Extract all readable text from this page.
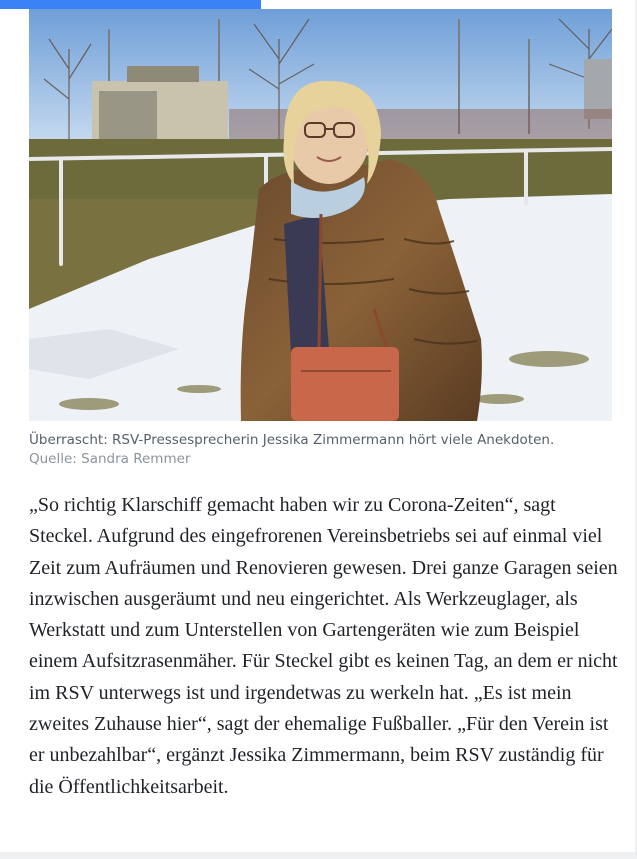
Überrascht: RSV-Pressesprecherin Jessika Zimmermann hört viele Anekdoten.
Quelle: Sandra Remmer

„So richtig Klarschiff gemacht haben wir zu Corona-Zeiten“, sagt Steckel. Aufgrund des eingefrorenen Vereinsbetriebs sei auf einmal viel Zeit zum Aufräumen und Renovieren gewesen. Drei ganze Garagen seien inzwischen ausgeräumt und neu eingerichtet. Als Werkzeuglager, als Werkstatt und zum Unterstellen von Gartengeräten wie zum Beispiel einem Aufsitzrasenmäher. Für Steckel gibt es keinen Tag, an dem er nicht im RSV unterwegs ist und irgendetwas zu werkeln hat. „Es ist mein zweites Zuhause hier“, sagt der ehemalige Fußballer. „Für den Verein ist er unbezahlbar“, ergänzt Jessika Zimmermann, beim RSV zuständig für die Öffentlichkeitsarbeit.
